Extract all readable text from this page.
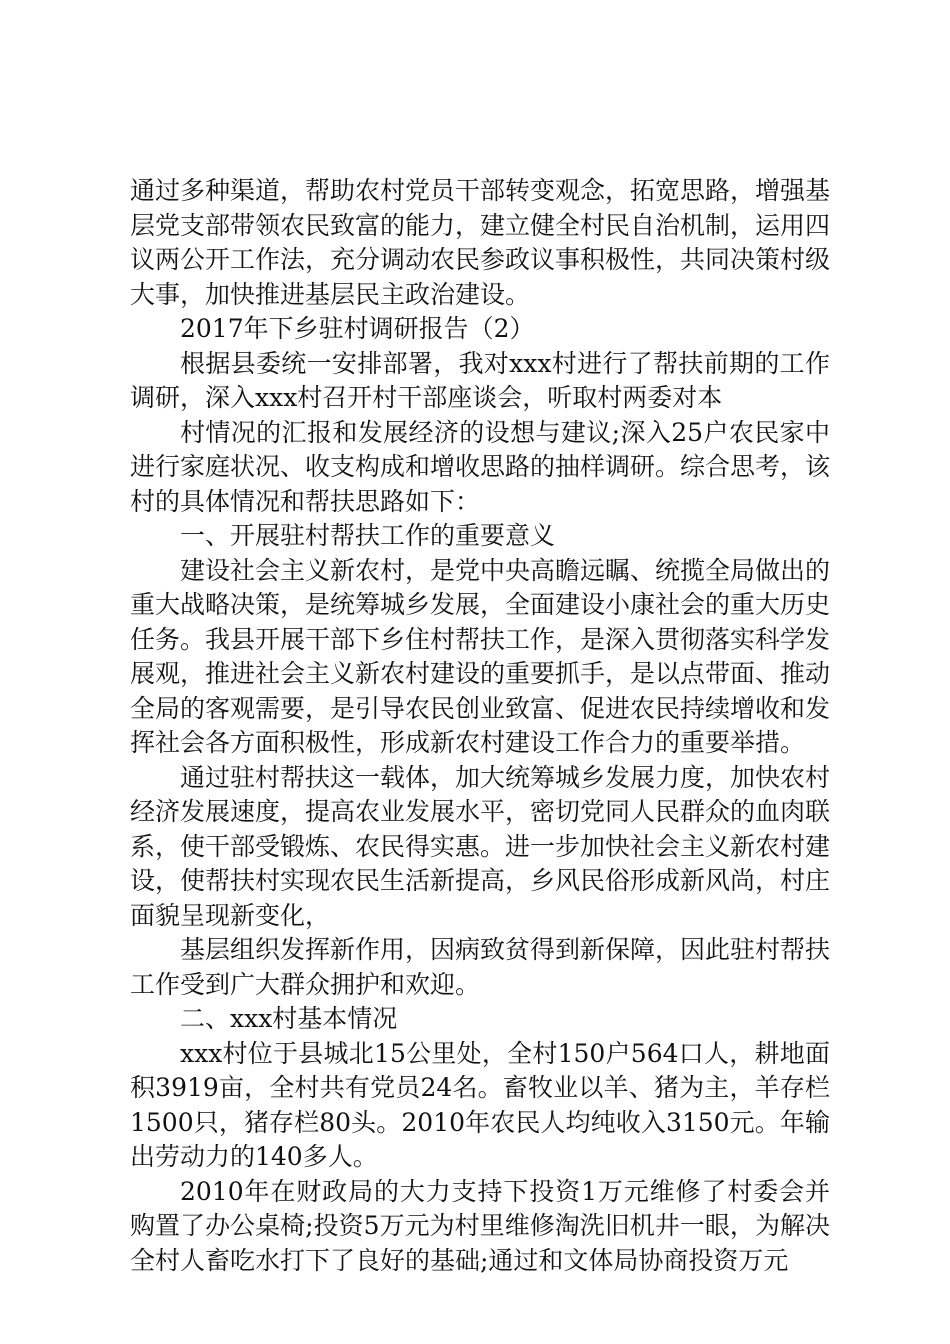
通过多种渠道，帮助农村党员干部转变观念，拓宽思路，增强基层党支部带领农民致富的能力，建立健全村民自治机制，运用四议两公开工作法，充分调动农民参政议事积极性，共同决策村级大事，加快推进基层民主政治建设。

2017年下乡驻村调研报告（2）

根据县委统一安排部署，我对xxx村进行了帮扶前期的工作调研，深入xxx村召开村干部座谈会，听取村两委对本

村情况的汇报和发展经济的设想与建议;深入25户农民家中进行家庭状况、收支构成和增收思路的抽样调研。综合思考，该村的具体情况和帮扶思路如下：

一、开展驻村帮扶工作的重要意义

建设社会主义新农村，是党中央高瞻远瞩、统揽全局做出的重大战略决策，是统筹城乡发展，全面建设小康社会的重大历史任务。我县开展干部下乡住村帮扶工作，是深入贯彻落实科学发展观，推进社会主义新农村建设的重要抓手，是以点带面、推动全局的客观需要，是引导农民创业致富、促进农民持续增收和发挥社会各方面积极性，形成新农村建设工作合力的重要举措。

通过驻村帮扶这一载体，加大统筹城乡发展力度，加快农村经济发展速度，提高农业发展水平，密切党同人民群众的血肉联系，使干部受锻炼、农民得实惠。进一步加快社会主义新农村建设，使帮扶村实现农民生活新提高，乡风民俗形成新风尚，村庄面貌呈现新变化，

基层组织发挥新作用，因病致贫得到新保障，因此驻村帮扶工作受到广大群众拥护和欢迎。

二、xxx村基本情况

xxx村位于县城北15公里处，全村150户564口人，耕地面积3919亩，全村共有党员24名。畜牧业以羊、猪为主，羊存栏1500只，猪存栏80头。2010年农民人均纯收入3150元。年输出劳动力的140多人。

2010年在财政局的大力支持下投资1万元维修了村委会并购置了办公桌椅;投资5万元为村里维修淘洗旧机井一眼，为解决全村人畜吃水打下了良好的基础;通过和文体局协商投资万元
